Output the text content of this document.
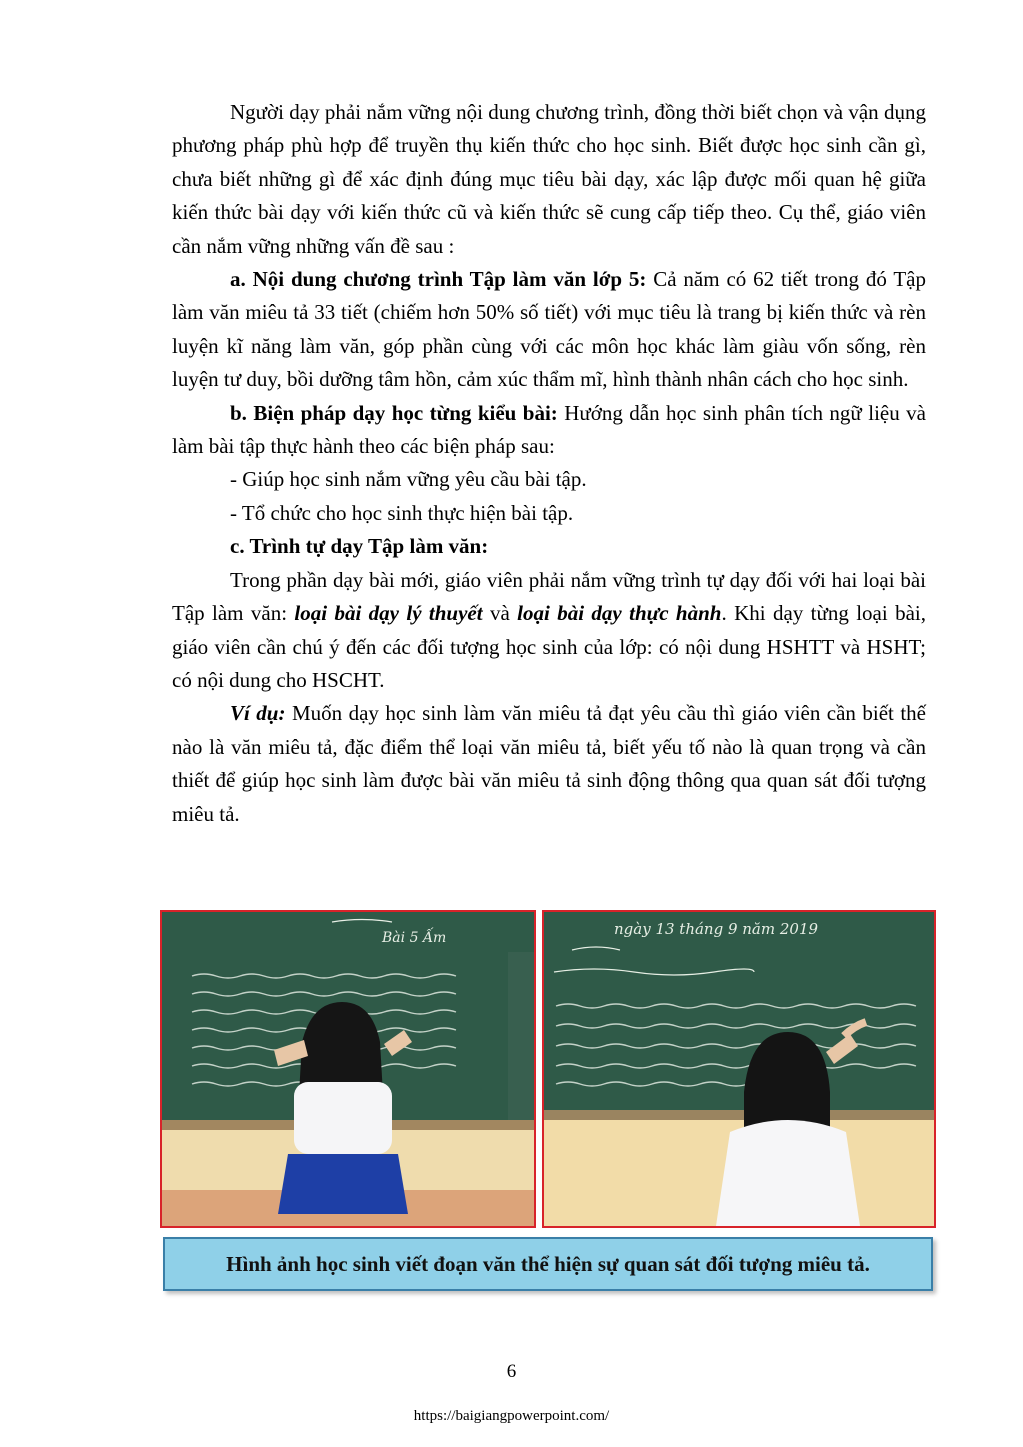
Người dạy phải nắm vững nội dung chương trình, đồng thời biết chọn và vận dụng phương pháp phù hợp để truyền thụ kiến thức cho học sinh. Biết được học sinh cần gì, chưa biết những gì để xác định đúng mục tiêu bài dạy, xác lập được mối quan hệ giữa kiến thức bài dạy với kiến thức cũ và kiến thức sẽ cung cấp tiếp theo. Cụ thể, giáo viên cần nắm vững những vấn đề sau :

a. Nội dung chương trình Tập làm văn lớp 5: Cả năm có 62 tiết trong đó Tập làm văn miêu tả 33 tiết (chiếm hơn 50% số tiết) với mục tiêu là trang bị kiến thức và rèn luyện kĩ năng làm văn, góp phần cùng với các môn học khác làm giàu vốn sống, rèn luyện tư duy, bồi dưỡng tâm hồn, cảm xúc thẩm mĩ, hình thành nhân cách cho học sinh.

b. Biện pháp dạy học từng kiểu bài: Hướng dẫn học sinh phân tích ngữ liệu và làm bài tập thực hành theo các biện pháp sau:

- Giúp học sinh nắm vững yêu cầu bài tập.

- Tổ chức cho học sinh thực hiện bài tập.

c. Trình tự dạy Tập làm văn:

Trong phần dạy bài mới, giáo viên phải nắm vững trình tự dạy đối với hai loại bài Tập làm văn: loại bài dạy lý thuyết và loại bài dạy thực hành. Khi dạy từng loại bài, giáo viên cần chú ý đến các đối tượng học sinh của lớp: có nội dung HSHTT và HSHT; có nội dung cho HSCHT.

Ví dụ: Muốn dạy học sinh làm văn miêu tả đạt yêu cầu thì giáo viên cần biết thế nào là văn miêu tả, đặc điểm thể loại văn miêu tả, biết yếu tố nào là quan trọng và cần thiết để giúp học sinh làm được bài văn miêu tả sinh động thông qua quan sát đối tượng miêu tả.

Bài 5 Ấm	ngày 13 tháng 9 năm 2019
Hình ảnh học sinh viết đoạn văn thể hiện sự quan sát đối tượng miêu tả.
6
https://baigiangpowerpoint.com/
